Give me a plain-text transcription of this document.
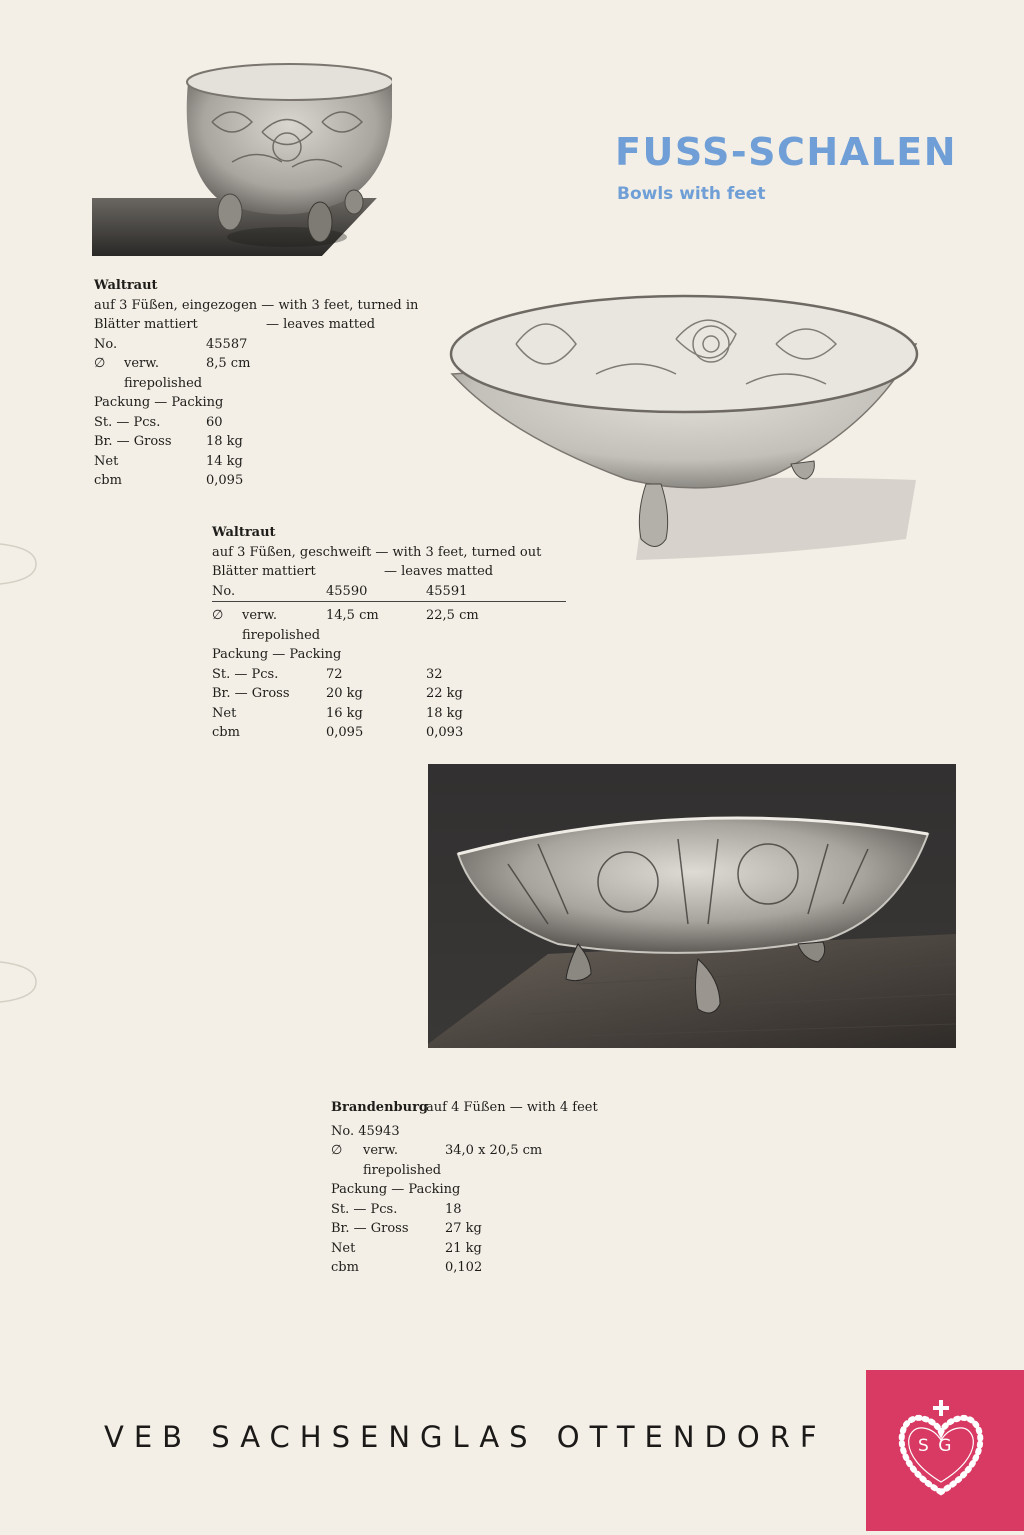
FUSS-SCHALEN
Bowls with feet
Waltraut
auf 3 Füßen, eingezogen — with 3 feet, turned in
Blätter mattiert	— leaves matted
No.	45587
∅ verw.	8,5 cm
firepolished
Packung — Packing
St. — Pcs.	60
Br. — Gross	18 kg
Net	14 kg
cbm	0,095
Waltraut
auf 3 Füßen, geschweift — with 3 feet, turned out
Blätter mattiert	— leaves matted
No.	45590	45591
∅ verw.	14,5 cm	22,5 cm
firepolished
Packung — Packing
St. — Pcs.	72	32
Br. — Gross	20 kg	22 kg
Net	16 kg	18 kg
cbm	0,095	0,093
Brandenburg
auf 4 Füßen — with 4 feet
No. 45943
∅ verw.	34,0 x 20,5 cm
firepolished
Packung — Packing
St. — Pcs.	18
Br. — Gross	27 kg
Net	21 kg
cbm	0,102
VEB SACHSENGLAS OTTENDORF	S G
